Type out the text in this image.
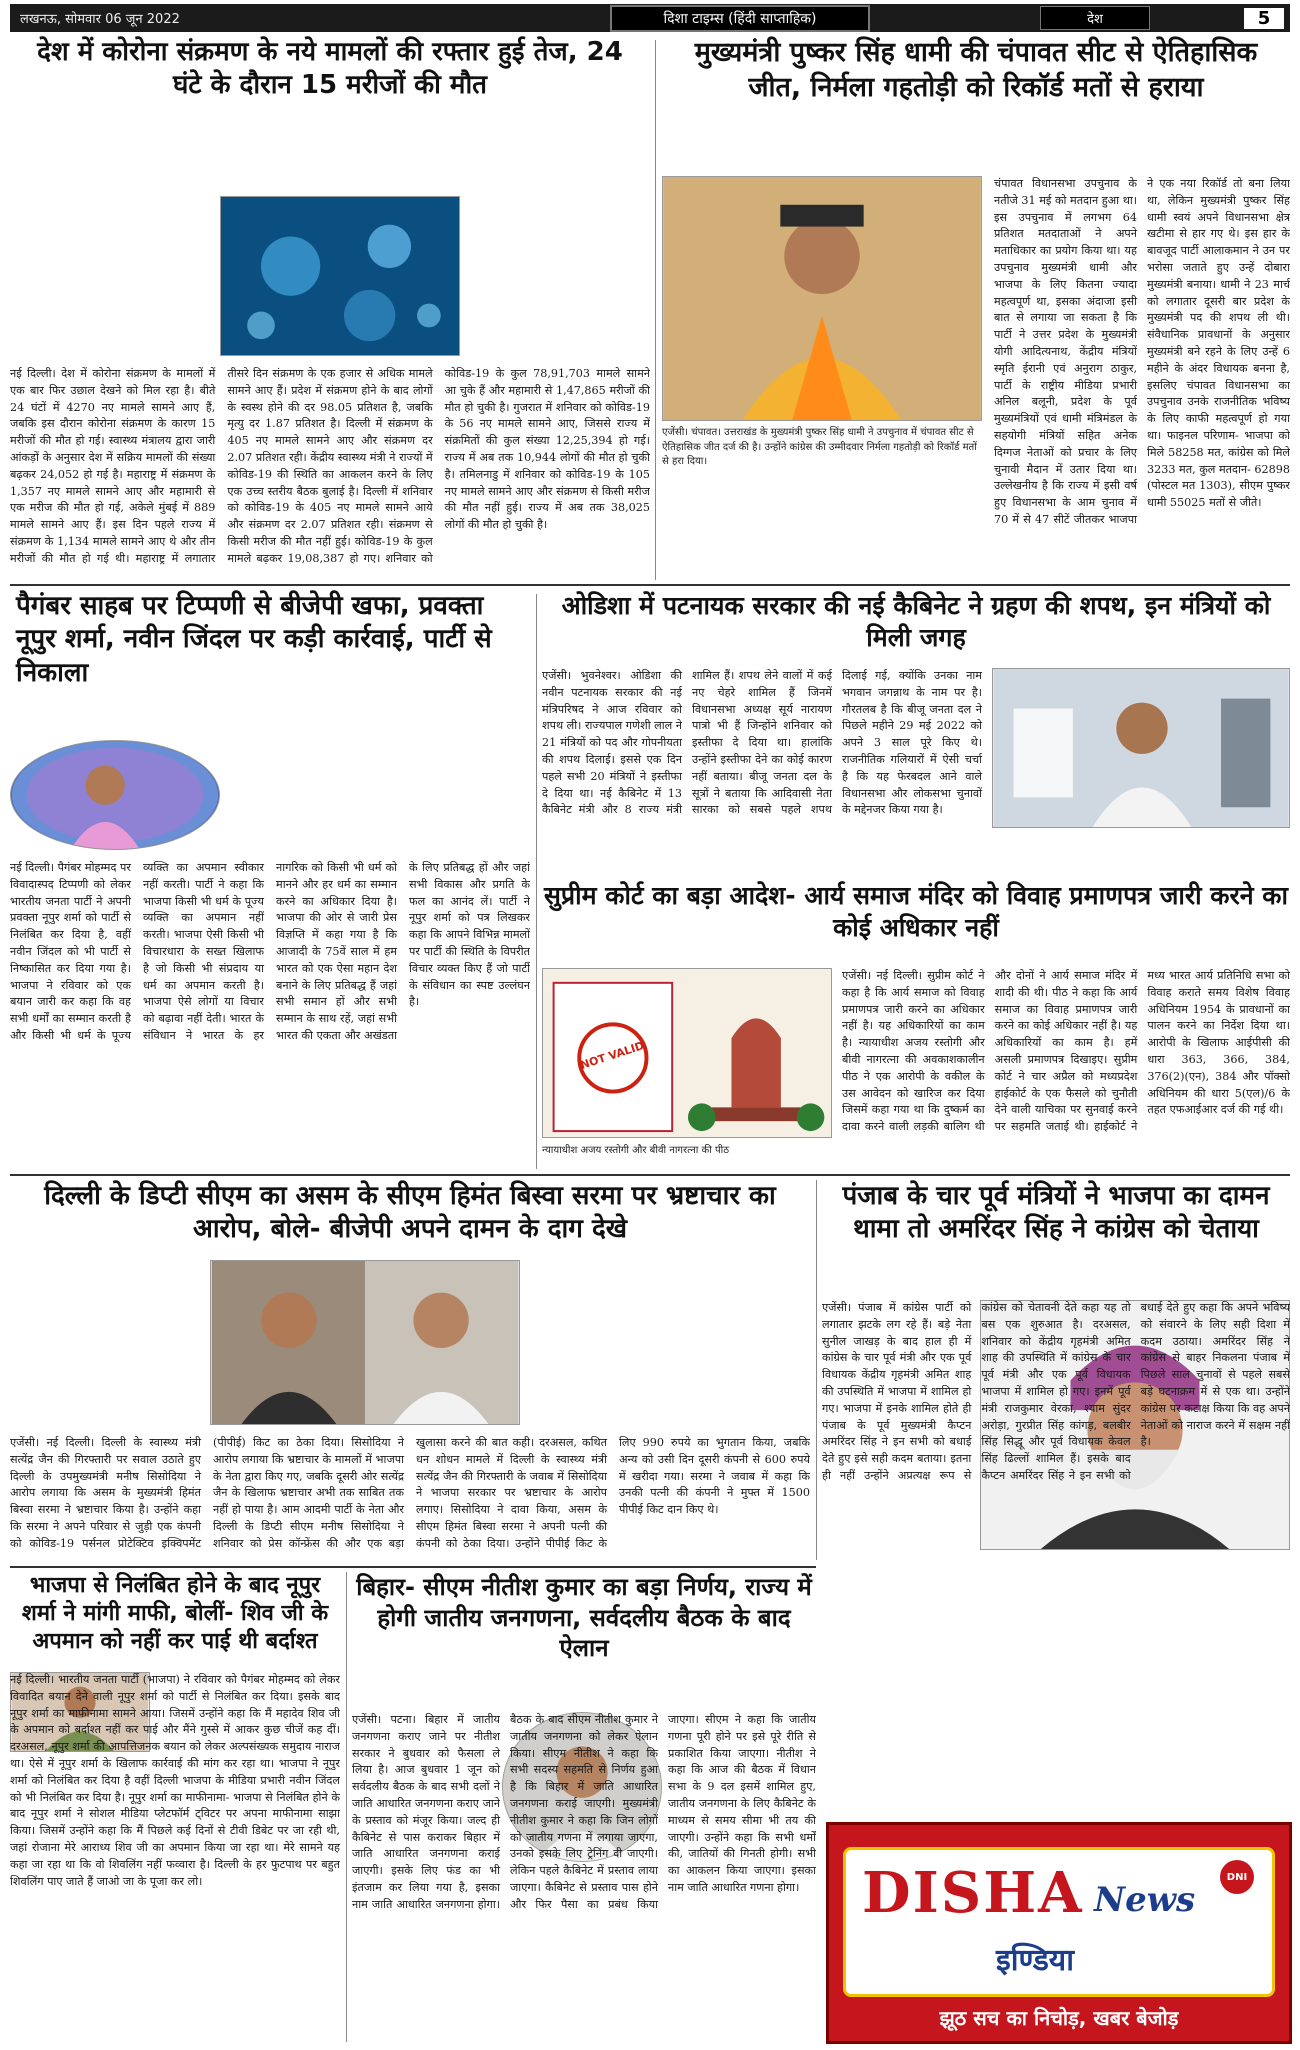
लखनऊ, सोमवार 06 जून 2022	दिशा टाइम्स (हिंदी साप्ताहिक)	देश	5
देश में कोरोना संक्रमण के नये मामलों की रफ्तार हुई तेज, 24 घंटे के दौरान 15 मरीजों की मौत
नई दिल्ली। देश में कोरोना संक्रमण के मामलों में एक बार फिर उछाल देखने को मिल रहा है। बीते 24 घंटों में 4270 नए मामले सामने आए हैं, जबकि इस दौरान कोरोना संक्रमण के कारण 15 मरीजों की मौत हो गई। स्वास्थ्य मंत्रालय द्वारा जारी आंकड़ों के अनुसार देश में सक्रिय मामलों की संख्या बढ़कर 24,052 हो गई है। महाराष्ट्र में संक्रमण के 1,357 नए मामले सामने आए और महामारी से एक मरीज की मौत हो गई, अकेले मुंबई में 889 मामले सामने आए हैं। इस दिन पहले राज्य में संक्रमण के 1,134 मामले सामने आए थे और तीन मरीजों की मौत हो गई थी। महाराष्ट्र में लगातार तीसरे दिन संक्रमण के एक हजार से अधिक मामले सामने आए हैं। प्रदेश में संक्रमण होने के बाद लोगों के स्वस्थ होने की दर 98.05 प्रतिशत है, जबकि मृत्यु दर 1.87 प्रतिशत है। दिल्ली में संक्रमण के 405 नए मामले सामने आए और संक्रमण दर 2.07 प्रतिशत रही। केंद्रीय स्वास्थ्य मंत्री ने राज्यों में कोविड-19 की स्थिति का आकलन करने के लिए एक उच्च स्तरीय बैठक बुलाई है। दिल्ली में शनिवार को कोविड-19 के 405 नए मामले सामने आये और संक्रमण दर 2.07 प्रतिशत रही। संक्रमण से किसी मरीज की मौत नहीं हुई। कोविड-19 के कुल मामले बढ़कर 19,08,387 हो गए। शनिवार को कोविड-19 के कुल 78,91,703 मामले सामने आ चुके हैं और महामारी से 1,47,865 मरीजों की मौत हो चुकी है। गुजरात में शनिवार को कोविड-19 के 56 नए मामले सामने आए, जिससे राज्य में संक्रमितों की कुल संख्या 12,25,394 हो गई। राज्य में अब तक 10,944 लोगों की मौत हो चुकी है। तमिलनाडु में शनिवार को कोविड-19 के 105 नए मामले सामने आए और संक्रमण से किसी मरीज की मौत नहीं हुई। राज्य में अब तक 38,025 लोगों की मौत हो चुकी है।
मुख्यमंत्री पुष्कर सिंह धामी की चंपावत सीट से ऐतिहासिक जीत, निर्मला गहतोड़ी को रिकॉर्ड मतों से हराया
एजेंसी। चंपावत। उत्तराखंड के मुख्यमंत्री पुष्कर सिंह धामी ने उपचुनाव में चंपावत सीट से ऐतिहासिक जीत दर्ज की है। उन्होंने कांग्रेस की उम्मीदवार निर्मला गहतोड़ी को रिकॉर्ड मतों से हरा दिया।
चंपावत विधानसभा उपचुनाव के नतीजे 31 मई को मतदान हुआ था। इस उपचुनाव में लगभग 64 प्रतिशत मतदाताओं ने अपने मताधिकार का प्रयोग किया था। यह उपचुनाव मुख्यमंत्री धामी और भाजपा के लिए कितना ज्यादा महत्वपूर्ण था, इसका अंदाजा इसी बात से लगाया जा सकता है कि पार्टी ने उत्तर प्रदेश के मुख्यमंत्री योगी आदित्यनाथ, केंद्रीय मंत्रियों स्मृति ईरानी एवं अनुराग ठाकुर, पार्टी के राष्ट्रीय मीडिया प्रभारी अनिल बलूनी, प्रदेश के पूर्व मुख्यमंत्रियों एवं धामी मंत्रिमंडल के सहयोगी मंत्रियों सहित अनेक दिग्गज नेताओं को प्रचार के लिए चुनावी मैदान में उतार दिया था। उल्लेखनीय है कि राज्य में इसी वर्ष हुए विधानसभा के आम चुनाव में 70 में से 47 सीटें जीतकर भाजपा ने एक नया रिकॉर्ड तो बना लिया था, लेकिन मुख्यमंत्री पुष्कर सिंह धामी स्वयं अपने विधानसभा क्षेत्र खटीमा से हार गए थे। इस हार के बावजूद पार्टी आलाकमान ने उन पर भरोसा जताते हुए उन्हें दोबारा मुख्यमंत्री बनाया। धामी ने 23 मार्च को लगातार दूसरी बार प्रदेश के मुख्यमंत्री पद की शपथ ली थी। संवैधानिक प्रावधानों के अनुसार मुख्यमंत्री बने रहने के लिए उन्हें 6 महीने के अंदर विधायक बनना है, इसलिए चंपावत विधानसभा का उपचुनाव उनके राजनीतिक भविष्य के लिए काफी महत्वपूर्ण हो गया था। फाइनल परिणाम- भाजपा को मिले 58258 मत, कांग्रेस को मिले 3233 मत, कुल मतदान- 62898 (पोस्टल मत 1303), सीएम पुष्कर धामी 55025 मतों से जीते।
पैगंबर साहब पर टिप्पणी से बीजेपी खफा, प्रवक्ता नूपुर शर्मा, नवीन जिंदल पर कड़ी कार्रवाई, पार्टी से निकाला
नई दिल्ली। पैगंबर मोहम्मद पर विवादास्पद टिप्पणी को लेकर भारतीय जनता पार्टी ने अपनी प्रवक्ता नूपुर शर्मा को पार्टी से निलंबित कर दिया है, वहीं नवीन जिंदल को भी पार्टी से निष्कासित कर दिया गया है। भाजपा ने रविवार को एक बयान जारी कर कहा कि वह सभी धर्मों का सम्मान करती है और किसी भी धर्म के पूज्य व्यक्ति का अपमान स्वीकार नहीं करती। पार्टी ने कहा कि भाजपा किसी भी धर्म के पूज्य व्यक्ति का अपमान नहीं करती। भाजपा ऐसी किसी भी विचारधारा के सख्त खिलाफ है जो किसी भी संप्रदाय या धर्म का अपमान करती है। भाजपा ऐसे लोगों या विचार को बढ़ावा नहीं देती। भारत के संविधान ने भारत के हर नागरिक को किसी भी धर्म को मानने और हर धर्म का सम्मान करने का अधिकार दिया है। भाजपा की ओर से जारी प्रेस विज्ञप्ति में कहा गया है कि आजादी के 75वें साल में हम भारत को एक ऐसा महान देश बनाने के लिए प्रतिबद्ध हैं जहां सभी समान हों और सभी सम्मान के साथ रहें, जहां सभी भारत की एकता और अखंडता के लिए प्रतिबद्ध हों और जहां सभी विकास और प्रगति के फल का आनंद लें। पार्टी ने नूपुर शर्मा को पत्र लिखकर कहा कि आपने विभिन्न मामलों पर पार्टी की स्थिति के विपरीत विचार व्यक्त किए हैं जो पार्टी के संविधान का स्पष्ट उल्लंघन है।
ओडिशा में पटनायक सरकार की नई कैबिनेट ने ग्रहण की शपथ, इन मंत्रियों को मिली जगह
एजेंसी। भुवनेश्वर। ओडिशा की नवीन पटनायक सरकार की नई मंत्रिपरिषद ने आज रविवार को शपथ ली। राज्यपाल गणेशी लाल ने 21 मंत्रियों को पद और गोपनीयता की शपथ दिलाई। इससे एक दिन पहले सभी 20 मंत्रियों ने इस्तीफा दे दिया था। नई कैबिनेट में 13 कैबिनेट मंत्री और 8 राज्य मंत्री शामिल हैं। शपथ लेने वालों में कई नए चेहरे शामिल हैं जिनमें विधानसभा अध्यक्ष सूर्य नारायण पात्रो भी हैं जिन्होंने शनिवार को इस्तीफा दे दिया था। हालांकि उन्होंने इस्तीफा देने का कोई कारण नहीं बताया। बीजू जनता दल के सूत्रों ने बताया कि आदिवासी नेता सारका को सबसे पहले शपथ दिलाई गई, क्योंकि उनका नाम भगवान जगन्नाथ के नाम पर है। गौरतलब है कि बीजू जनता दल ने पिछले महीने 29 मई 2022 को अपने 3 साल पूरे किए थे। राजनीतिक गलियारों में ऐसी चर्चा है कि यह फेरबदल आने वाले विधानसभा और लोकसभा चुनावों के मद्देनजर किया गया है।
सुप्रीम कोर्ट का बड़ा आदेश- आर्य समाज मंदिर को विवाह प्रमाणपत्र जारी करने का कोई अधिकार नहीं
NOT VALID
न्यायाधीश अजय रस्तोगी और बीवी नागरत्ना की पीठ
एजेंसी। नई दिल्ली। सुप्रीम कोर्ट ने कहा है कि आर्य समाज को विवाह प्रमाणपत्र जारी करने का अधिकार नहीं है। यह अधिकारियों का काम है। न्यायाधीश अजय रस्तोगी और बीवी नागरत्ना की अवकाशकालीन पीठ ने एक आरोपी के वकील के उस आवेदन को खारिज कर दिया जिसमें कहा गया था कि दुष्कर्म का दावा करने वाली लड़की बालिग थी और दोनों ने आर्य समाज मंदिर में शादी की थी। पीठ ने कहा कि आर्य समाज का विवाह प्रमाणपत्र जारी करने का कोई अधिकार नहीं है। यह अधिकारियों का काम है। हमें असली प्रमाणपत्र दिखाइए। सुप्रीम कोर्ट ने चार अप्रैल को मध्यप्रदेश हाईकोर्ट के एक फैसले को चुनौती देने वाली याचिका पर सुनवाई करने पर सहमति जताई थी। हाईकोर्ट ने मध्य भारत आर्य प्रतिनिधि सभा को विवाह कराते समय विशेष विवाह अधिनियम 1954 के प्रावधानों का पालन करने का निर्देश दिया था। आरोपी के खिलाफ आईपीसी की धारा 363, 366, 384, 376(2)(एन), 384 और पॉक्सो अधिनियम की धारा 5(एल)/6 के तहत एफआईआर दर्ज की गई थी।
दिल्ली के डिप्टी सीएम का असम के सीएम हिमंत बिस्वा सरमा पर भ्रष्टाचार का आरोप, बोले- बीजेपी अपने दामन के दाग देखे
एजेंसी। नई दिल्ली। दिल्ली के स्वास्थ्य मंत्री सत्येंद्र जैन की गिरफ्तारी पर सवाल उठाते हुए दिल्ली के उपमुख्यमंत्री मनीष सिसोदिया ने आरोप लगाया कि असम के मुख्यमंत्री हिमंत बिस्वा सरमा ने भ्रष्टाचार किया है। उन्होंने कहा कि सरमा ने अपने परिवार से जुड़ी एक कंपनी को कोविड-19 पर्सनल प्रोटेक्टिव इक्विपमेंट (पीपीई) किट का ठेका दिया। सिसोदिया ने आरोप लगाया कि भ्रष्टाचार के मामलों में भाजपा के नेता द्वारा किए गए, जबकि दूसरी ओर सत्येंद्र जैन के खिलाफ भ्रष्टाचार अभी तक साबित तक नहीं हो पाया है। आम आदमी पार्टी के नेता और दिल्ली के डिप्टी सीएम मनीष सिसोदिया ने शनिवार को प्रेस कॉन्फ्रेंस की और एक बड़ा खुलासा करने की बात कही। दरअसल, कथित धन शोधन मामले में दिल्ली के स्वास्थ्य मंत्री सत्येंद्र जैन की गिरफ्तारी के जवाब में सिसोदिया ने भाजपा सरकार पर भ्रष्टाचार के आरोप लगाए। सिसोदिया ने दावा किया, असम के सीएम हिमंत बिस्वा सरमा ने अपनी पत्नी की कंपनी को ठेका दिया। उन्होंने पीपीई किट के लिए 990 रुपये का भुगतान किया, जबकि अन्य को उसी दिन दूसरी कंपनी से 600 रुपये में खरीदा गया। सरमा ने जवाब में कहा कि उनकी पत्नी की कंपनी ने मुफ्त में 1500 पीपीई किट दान किए थे।
पंजाब के चार पूर्व मंत्रियों ने भाजपा का दामन थामा तो अमरिंदर सिंह ने कांग्रेस को चेताया
एजेंसी। पंजाब में कांग्रेस पार्टी को लगातार झटके लग रहे हैं। बड़े नेता सुनील जाखड़ के बाद हाल ही में कांग्रेस के चार पूर्व मंत्री और एक पूर्व विधायक केंद्रीय गृहमंत्री अमित शाह की उपस्थिति में भाजपा में शामिल हो गए। भाजपा में इनके शामिल होते ही पंजाब के पूर्व मुख्यमंत्री कैप्टन अमरिंदर सिंह ने इन सभी को बधाई देते हुए इसे सही कदम बताया। इतना ही नहीं उन्होंने अप्रत्यक्ष रूप से कांग्रेस को चेतावनी देते कहा यह तो बस एक शुरुआत है। दरअसल, शनिवार को केंद्रीय गृहमंत्री अमित शाह की उपस्थिति में कांग्रेस के चार पूर्व मंत्री और एक पूर्व विधायक भाजपा में शामिल हो गए। इनमें पूर्व मंत्री राजकुमार वेरका, श्याम सुंदर अरोड़ा, गुरप्रीत सिंह कांगड़, बलबीर सिंह सिद्धू और पूर्व विधायक केवल सिंह ढिल्लों शामिल हैं। इसके बाद कैप्टन अमरिंदर सिंह ने इन सभी को बधाई देते हुए कहा कि अपने भविष्य को संवारने के लिए सही दिशा में कदम उठाया। अमरिंदर सिंह ने कांग्रेस से बाहर निकलना पंजाब में पिछले साल चुनावों से पहले सबसे बड़े घटनाक्रम में से एक था। उन्होंने कांग्रेस पर कटाक्ष किया कि वह अपने नेताओं को नाराज करने में सक्षम नहीं है।
भाजपा से निलंबित होने के बाद नूपुर शर्मा ने मांगी माफी, बोलीं- शिव जी के अपमान को नहीं कर पाई थी बर्दाश्त
नई दिल्ली। भारतीय जनता पार्टी (भाजपा) ने रविवार को पैगंबर मोहम्मद को लेकर विवादित बयान देने वाली नूपुर शर्मा को पार्टी से निलंबित कर दिया। इसके बाद नूपुर शर्मा का माफीनामा सामने आया। जिसमें उन्होंने कहा कि मैं महादेव शिव जी के अपमान को बर्दाश्त नहीं कर पाई और मैंने गुस्से में आकर कुछ चीजें कह दीं। दरअसल, नूपुर शर्मा की आपत्तिजनक बयान को लेकर अल्पसंख्यक समुदाय नाराज था। ऐसे में नूपुर शर्मा के खिलाफ कार्रवाई की मांग कर रहा था। भाजपा ने नूपुर शर्मा को निलंबित कर दिया है वहीं दिल्ली भाजपा के मीडिया प्रभारी नवीन जिंदल को भी निलंबित कर दिया है। नूपुर शर्मा का माफीनामा- भाजपा से निलंबित होने के बाद नूपुर शर्मा ने सोशल मीडिया प्लेटफॉर्म ट्विटर पर अपना माफीनामा साझा किया। जिसमें उन्होंने कहा कि मैं पिछले कई दिनों से टीवी डिबेट पर जा रही थी, जहां रोजाना मेरे आराध्य शिव जी का अपमान किया जा रहा था। मेरे सामने यह कहा जा रहा था कि वो शिवलिंग नहीं फव्वारा है। दिल्ली के हर फुटपाथ पर बहुत शिवलिंग पाए जाते हैं जाओ जा के पूजा कर लो।
बिहार- सीएम नीतीश कुमार का बड़ा निर्णय, राज्य में होगी जातीय जनगणना, सर्वदलीय बैठक के बाद ऐलान
एजेंसी। पटना। बिहार में जातीय जनगणना कराए जाने पर नीतीश सरकार ने बुधवार को फैसला ले लिया है। आज बुधवार 1 जून को सर्वदलीय बैठक के बाद सभी दलों ने जाति आधारित जनगणना कराए जाने के प्रस्ताव को मंजूर किया। जल्द ही कैबिनेट से पास कराकर बिहार में जाति आधारित जनगणना कराई जाएगी। इसके लिए फंड का भी इंतजाम कर लिया गया है, इसका नाम जाति आधारित जनगणना होगा। बैठक के बाद सीएम नीतीश कुमार ने जातीय जनगणना को लेकर ऐलान किया। सीएम नीतीश ने कहा कि सभी सदस्य सहमति से निर्णय हुआ है कि बिहार में जाति आधारित जनगणना कराई जाएगी। मुख्यमंत्री नीतीश कुमार ने कहा कि जिन लोगों को जातीय गणना में लगाया जाएगा, उनको इसके लिए ट्रेनिंग दी जाएगी। लेकिन पहले कैबिनेट में प्रस्ताव लाया जाएगा। कैबिनेट से प्रस्ताव पास होने और फिर पैसा का प्रबंध किया जाएगा। सीएम ने कहा कि जातीय गणना पूरी होने पर इसे पूरे रीति से प्रकाशित किया जाएगा। नीतीश ने कहा कि आज की बैठक में विधान सभा के 9 दल इसमें शामिल हुए, जातीय जनगणना के लिए कैबिनेट के माध्यम से समय सीमा भी तय की जाएगी। उन्होंने कहा कि सभी धर्मों की, जातियों की गिनती होगी। सभी का आकलन किया जाएगा। इसका नाम जाति आधारित गणना होगा। DISHA News
इण्डिया
DNI
झूठ सच का निचोड़, खबर बेजोड़
